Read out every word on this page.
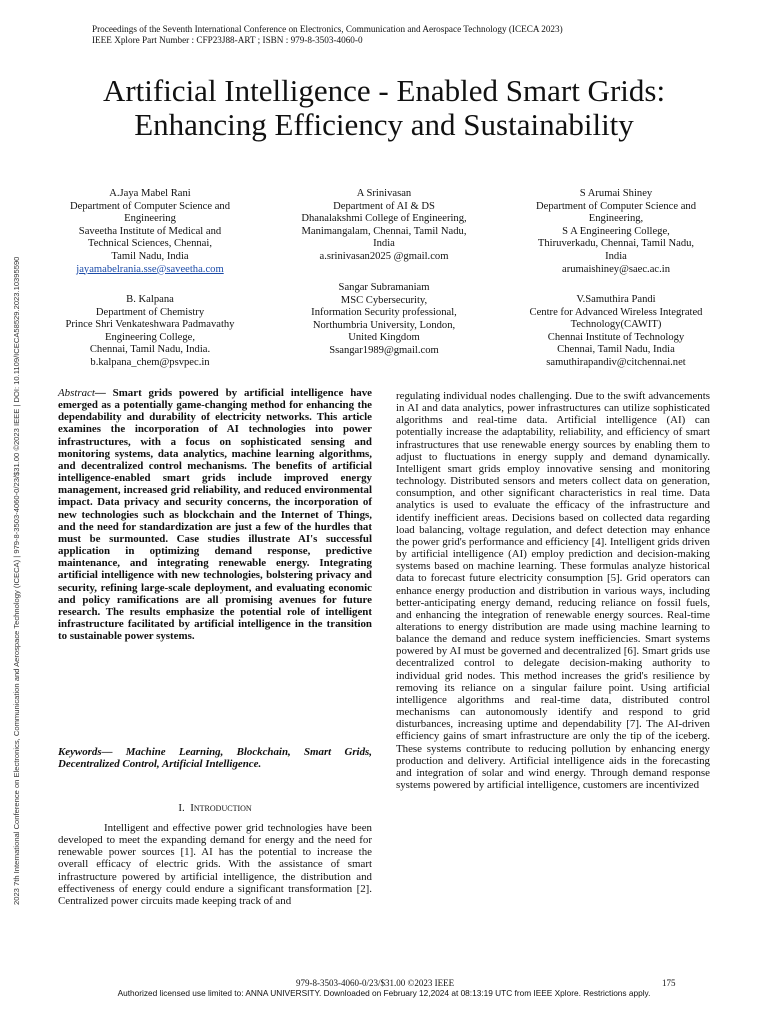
Proceedings of the Seventh International Conference on Electronics, Communication and Aerospace Technology (ICECA 2023)
IEEE Xplore Part Number : CFP23J88-ART ; ISBN : 979-8-3503-4060-0
2023 7th International Conference on Electronics, Communication and Aerospace Technology (ICECA) | 979-8-3503-4060-0/23/$31.00 ©2023 IEEE | DOI: 10.1109/ICECA58529.2023.10395590
Artificial Intelligence - Enabled Smart Grids:
Enhancing Efficiency and Sustainability
A.Jaya Mabel Rani
Department of Computer Science and Engineering
Saveetha Institute of Medical and Technical Sciences, Chennai,
Tamil Nadu, India
jayamabelrania.sse@saveetha.com
A Srinivasan
Department of AI & DS
Dhanalakshmi College of Engineering, Manimangalam, Chennai, Tamil Nadu,
India
a.srinivasan2025 @gmail.com
S Arumai Shiney
Department of Computer Science and Engineering,
S A Engineering College,
Thiruverkadu, Chennai, Tamil Nadu, India
arumaishiney@saec.ac.in
B. Kalpana
Department of Chemistry
Prince Shri Venkateshwara Padmavathy Engineering College,
Chennai, Tamil Nadu, India.
b.kalpana_chem@psvpec.in
Sangar Subramaniam
MSC Cybersecurity,
Information Security professional, Northumbria University, London,
United Kingdom
Ssangar1989@gmail.com
V.Samuthira Pandi
Centre for Advanced Wireless Integrated Technology(CAWIT)
Chennai Institute of Technology
Chennai, Tamil Nadu, India
samuthirapandiv@citchennai.net

Abstract— Smart grids powered by artificial intelligence have emerged as a potentially game-changing method for enhancing the dependability and durability of electricity networks. This article examines the incorporation of AI technologies into power infrastructures, with a focus on sophisticated sensing and monitoring systems, data analytics, machine learning algorithms, and decentralized control mechanisms. The benefits of artificial intelligence-enabled smart grids include improved energy management, increased grid reliability, and reduced environmental impact. Data privacy and security concerns, the incorporation of new technologies such as blockchain and the Internet of Things, and the need for standardization are just a few of the hurdles that must be surmounted. Case studies illustrate AI's successful application in optimizing demand response, predictive maintenance, and integrating renewable energy. Integrating artificial intelligence with new technologies, bolstering privacy and security, refining large-scale deployment, and evaluating economic and policy ramifications are all promising avenues for future research. The results emphasize the potential role of intelligent infrastructure facilitated by artificial intelligence in the transition to sustainable power systems.

Keywords— Machine Learning, Blockchain, Smart Grids, Decentralized Control, Artificial Intelligence.
I. Introduction

Intelligent and effective power grid technologies have been developed to meet the expanding demand for energy and the need for renewable power sources [1]. AI has the potential to increase the overall efficacy of electric grids. With the assistance of smart infrastructure powered by artificial intelligence, the distribution and effectiveness of energy could endure a significant transformation [2]. Centralized power circuits made keeping track of and

regulating individual nodes challenging. Due to the swift advancements in AI and data analytics, power infrastructures can utilize sophisticated algorithms and real-time data. Artificial intelligence (AI) can potentially increase the adaptability, reliability, and efficiency of smart infrastructures that use renewable energy sources by enabling them to adjust to fluctuations in energy supply and demand dynamically. Intelligent smart grids employ innovative sensing and monitoring technology. Distributed sensors and meters collect data on generation, consumption, and other significant characteristics in real time. Data analytics is used to evaluate the efficacy of the infrastructure and identify inefficient areas. Decisions based on collected data regarding load balancing, voltage regulation, and defect detection may enhance the power grid's performance and efficiency [4]. Intelligent grids driven by artificial intelligence (AI) employ prediction and decision-making systems based on machine learning. These formulas analyze historical data to forecast future electricity consumption [5]. Grid operators can enhance energy production and distribution in various ways, including better-anticipating energy demand, reducing reliance on fossil fuels, and enhancing the integration of renewable energy sources. Real-time alterations to energy distribution are made using machine learning to balance the demand and reduce system inefficiencies. Smart systems powered by AI must be governed and decentralized [6]. Smart grids use decentralized control to delegate decision-making authority to individual grid nodes. This method increases the grid's resilience by removing its reliance on a singular failure point. Using artificial intelligence algorithms and real-time data, distributed control mechanisms can autonomously identify and respond to grid disturbances, increasing uptime and dependability [7]. The AI-driven efficiency gains of smart infrastructure are only the tip of the iceberg. These systems contribute to reducing pollution by enhancing energy production and delivery. Artificial intelligence aids in the forecasting and integration of solar and wind energy. Through demand response systems powered by artificial intelligence, customers are incentivized

979-8-3503-4060-0/23/$31.00 ©2023 IEEE	175
Authorized licensed use limited to: ANNA UNIVERSITY. Downloaded on February 12,2024 at 08:13:19 UTC from IEEE Xplore. Restrictions apply.
